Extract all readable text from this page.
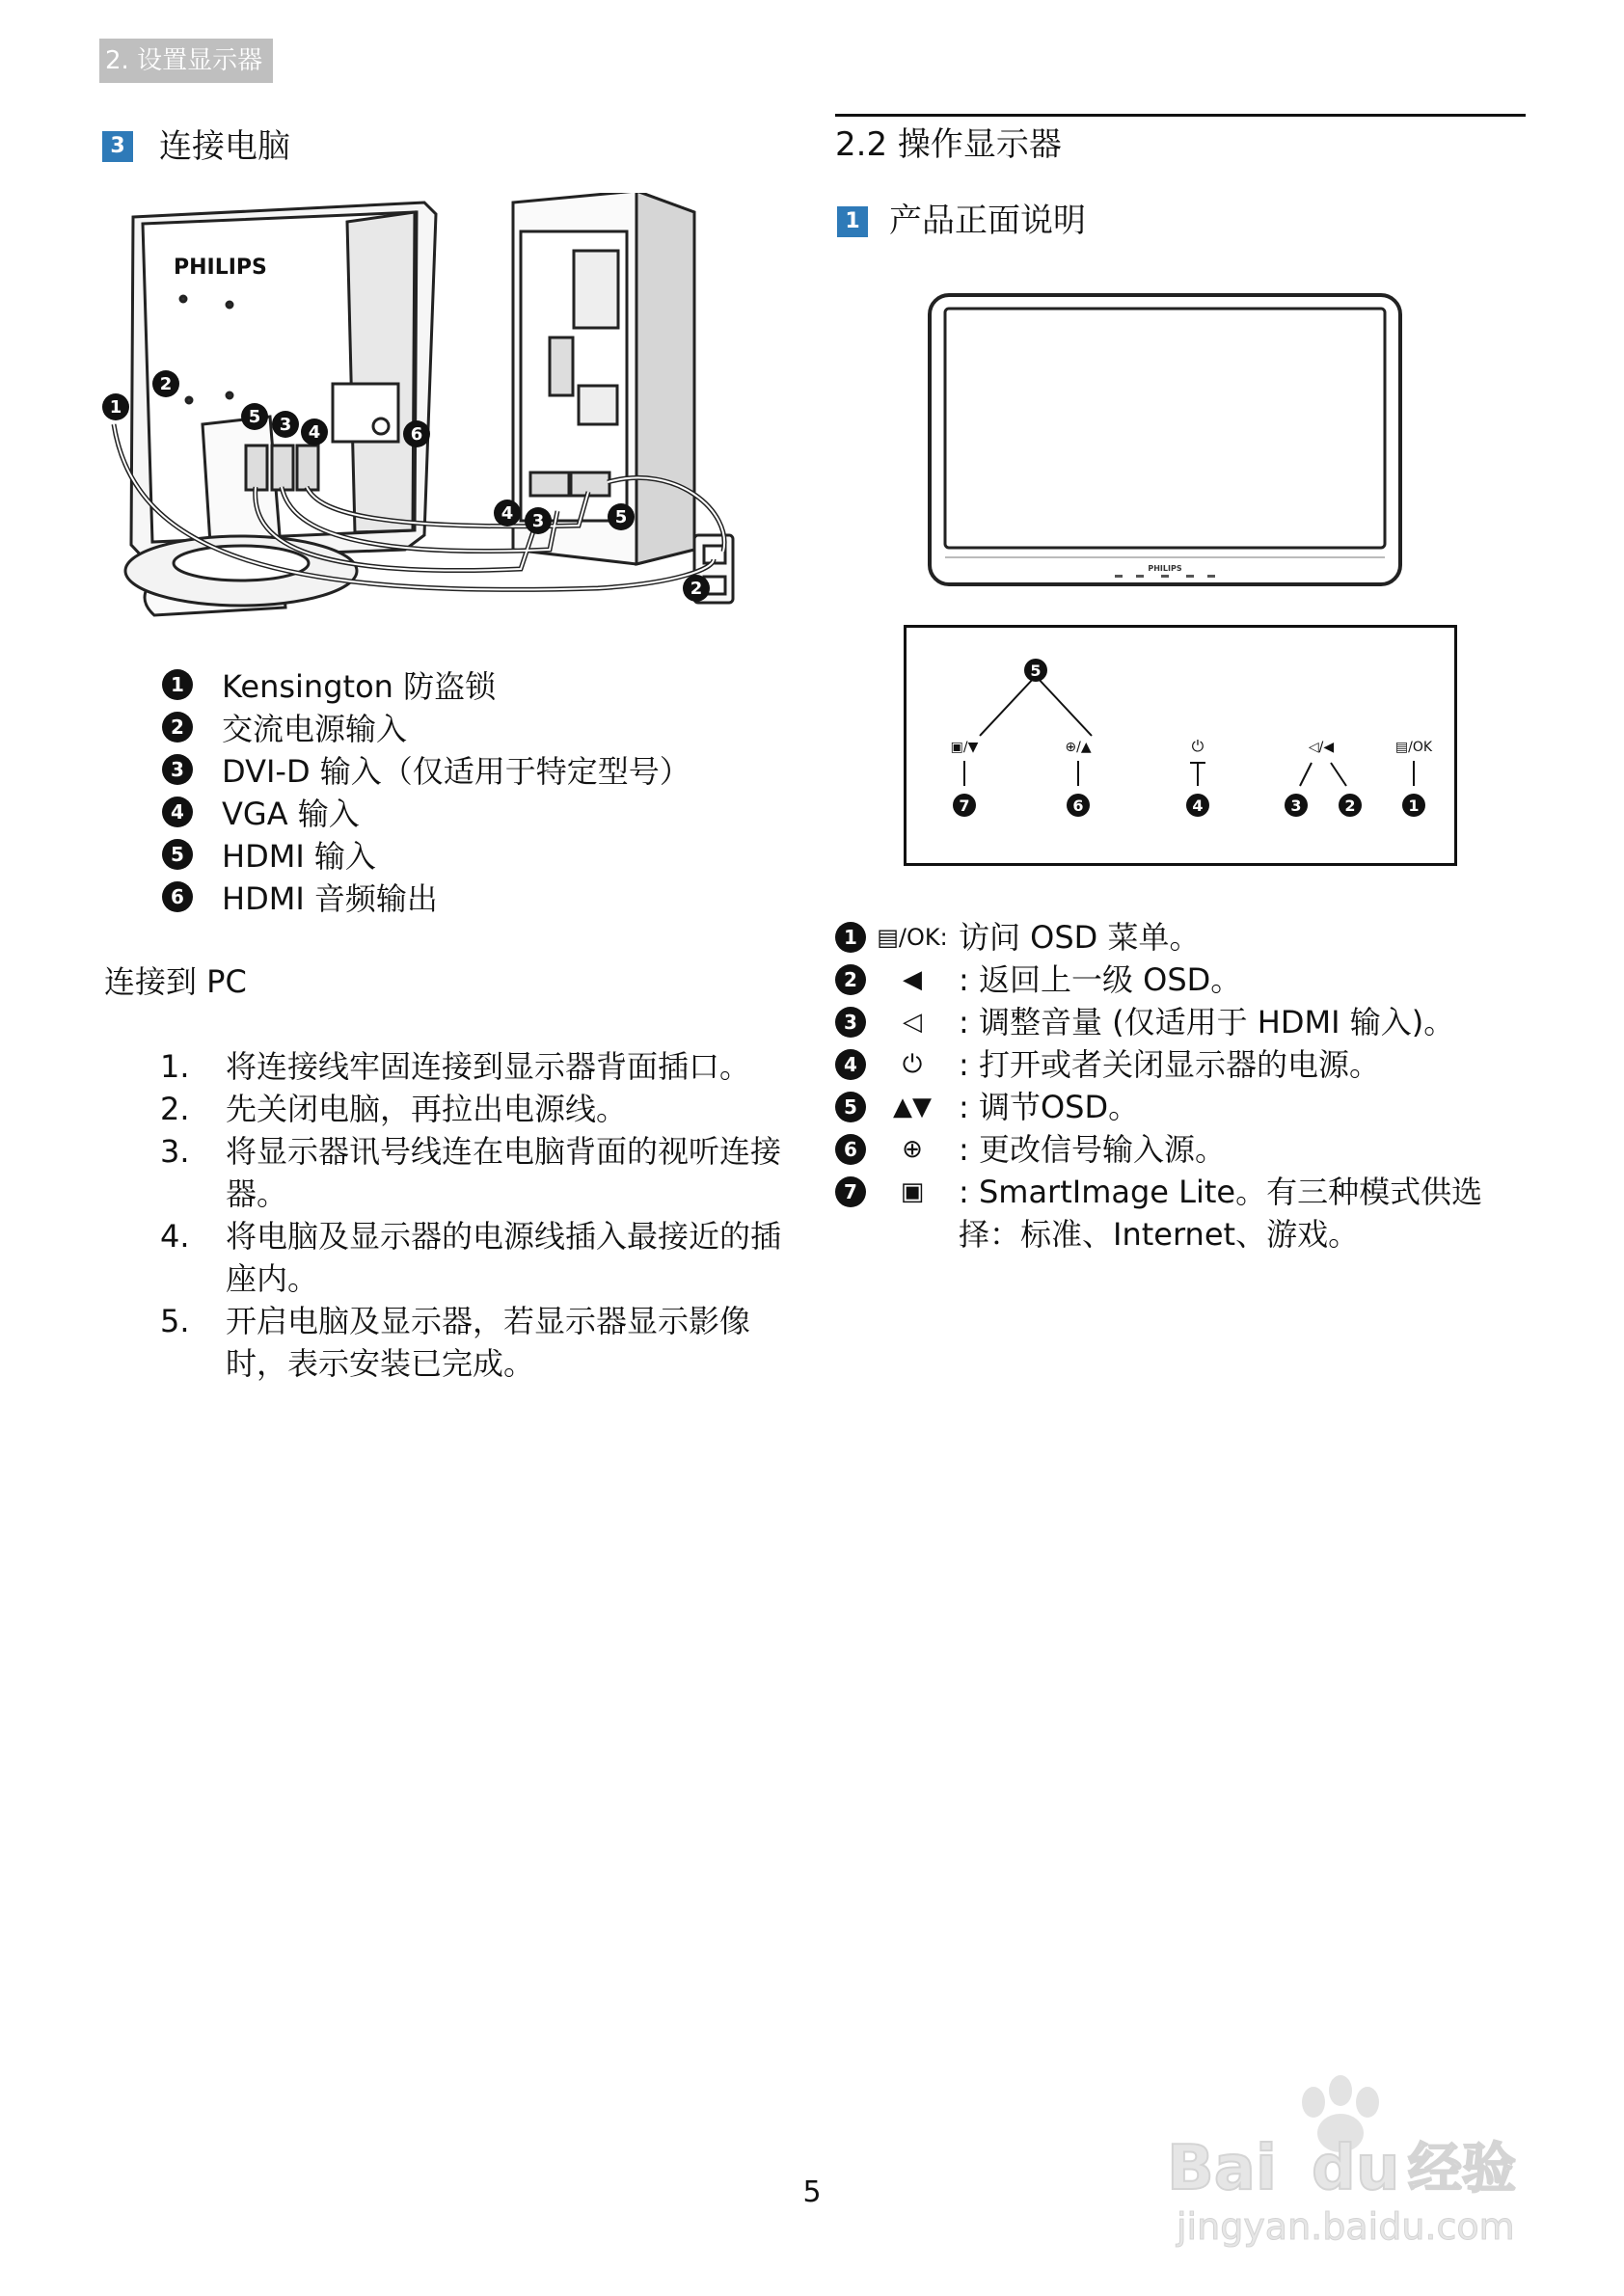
2. 设置显示器
3 连接电脑
PHILIPS
1
2
5 3 4	6
4 3	5
2
1 Kensington 防盗锁
2 交流电源输入
3 DVI-D 输入（仅适用于特定型号）
4 VGA 输入
5 HDMI 输入
6 HDMI 音频输出
连接到 PC
1.	将连接线牢固连接到显示器背面插口。
2.	先关闭电脑，再拉出电源线。
3.	将显示器讯号线连在电脑背面的视听连接器。
4.	将电脑及显示器的电源线插入最接近的插座内。
5.	开启电脑及显示器，若显示器显示影像时，表示安装已完成。
2.2 操作显示器
1 产品正面说明
PHILIPS
5
▣/▼	⊕/▲	⏻	◁/◀	▤/OK
7	6	4	3	2	1
1 ▤/OK: 访问 OSD 菜单。
2	◀	: 返回上一级 OSD。
3	◁	: 调整音量 (仅适用于 HDMI 输入)。
4	⏻	: 打开或者关闭显示器的电源。
5	▲▼ : 调节OSD。
6	⊕	: 更改信号输入源。
7	▣	: SmartImage Lite。有三种模式供选择：标准、Internet、游戏。
5	Bai du 经验
jingyan.baidu.com
